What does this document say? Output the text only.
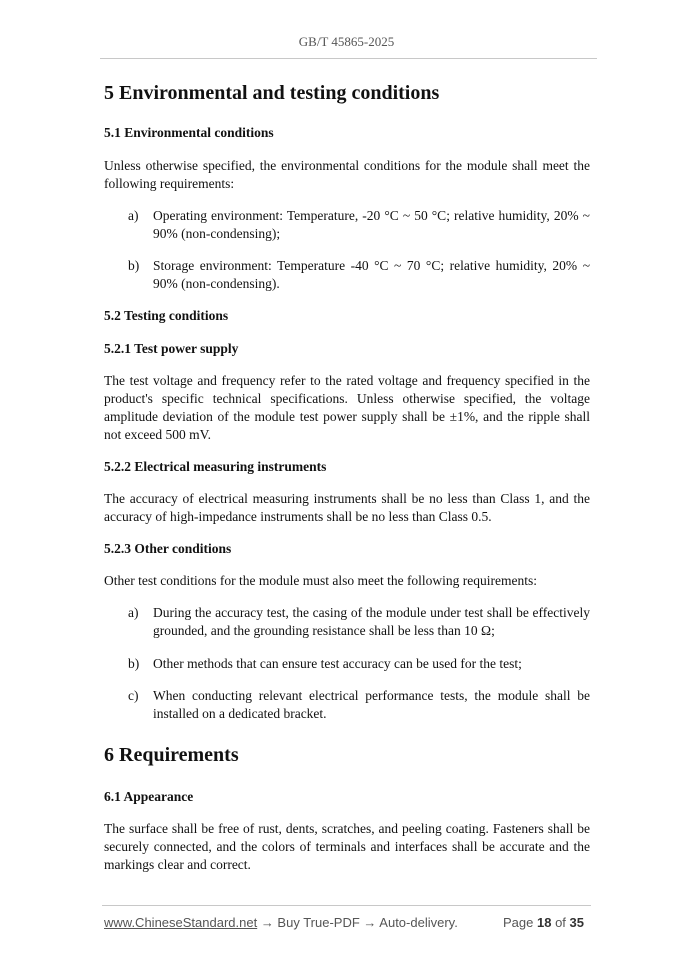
GB/T 45865-2025
5 Environmental and testing conditions
5.1 Environmental conditions
Unless otherwise specified, the environmental conditions for the module shall meet the following requirements:
a) Operating environment: Temperature, -20 °C ~ 50 °C; relative humidity, 20% ~ 90% (non-condensing);
b) Storage environment: Temperature -40 °C ~ 70 °C; relative humidity, 20% ~ 90% (non-condensing).
5.2 Testing conditions
5.2.1 Test power supply
The test voltage and frequency refer to the rated voltage and frequency specified in the product's specific technical specifications. Unless otherwise specified, the voltage amplitude deviation of the module test power supply shall be ±1%, and the ripple shall not exceed 500 mV.
5.2.2 Electrical measuring instruments
The accuracy of electrical measuring instruments shall be no less than Class 1, and the accuracy of high-impedance instruments shall be no less than Class 0.5.
5.2.3 Other conditions
Other test conditions for the module must also meet the following requirements:
a) During the accuracy test, the casing of the module under test shall be effectively grounded, and the grounding resistance shall be less than 10 Ω;
b) Other methods that can ensure test accuracy can be used for the test;
c) When conducting relevant electrical performance tests, the module shall be installed on a dedicated bracket.
6 Requirements
6.1 Appearance
The surface shall be free of rust, dents, scratches, and peeling coating. Fasteners shall be securely connected, and the colors of terminals and interfaces shall be accurate and the markings clear and correct.
www.ChineseStandard.net → Buy True-PDF → Auto-delivery.	Page 18 of 35
